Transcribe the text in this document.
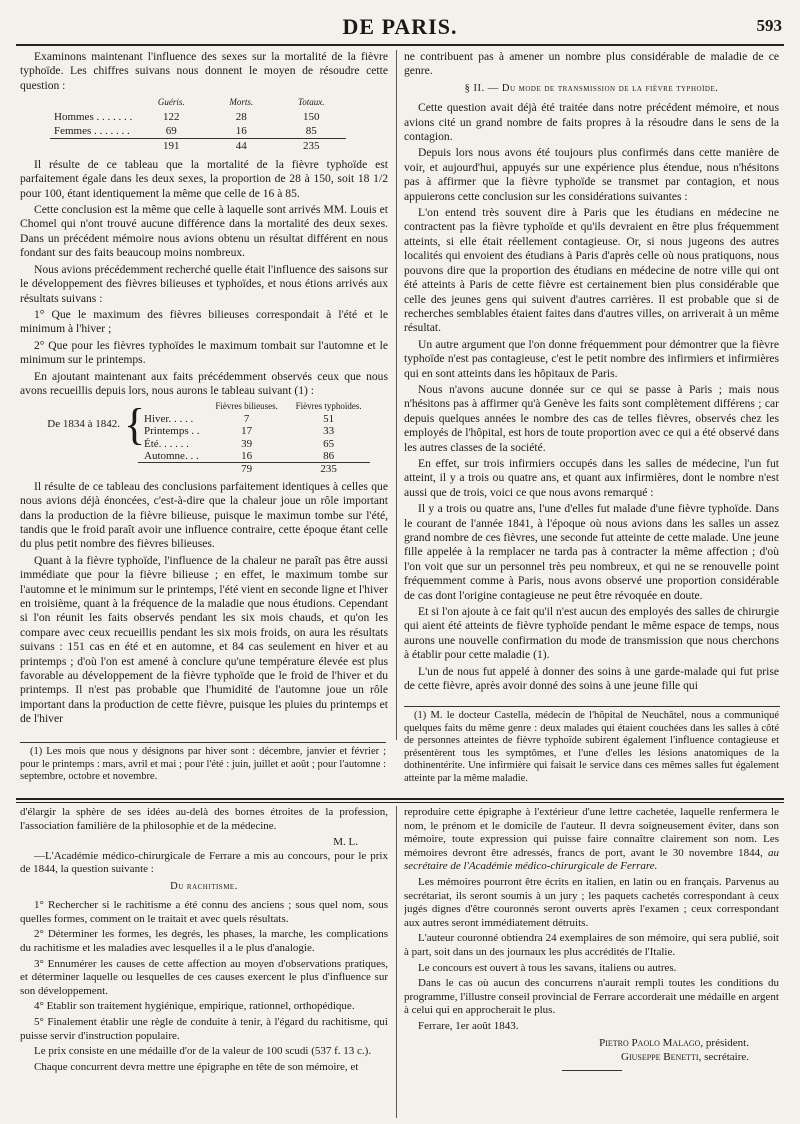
DE PARIS.	593

Examinons maintenant l'influence des sexes sur la mortalité de la fièvre typhoïde. Les chiffres suivans nous donnent le moyen de résoudre cette question :

	Guéris.	Morts.	Totaux.
Hommes . . . . . . .	122	28	150
Femmes . . . . . . .	69	16	85
	191	44	235

Il résulte de ce tableau que la mortalité de la fièvre typhoïde est parfaitement égale dans les deux sexes, la proportion de 28 à 150, soit 18 1/2 pour 100, étant identiquement la même que celle de 16 à 85.

Cette conclusion est la même que celle à laquelle sont arrivés MM. Louis et Chomel qui n'ont trouvé aucune différence dans la mortalité des deux sexes. Dans un précédent mémoire nous avions obtenu un résultat différent en nous fondant sur des faits beaucoup moins nombreux.

Nous avions précédemment recherché quelle était l'influence des saisons sur le développement des fièvres bilieuses et typhoïdes, et nous étions arrivés aux résultats suivans :

1° Que le maximum des fièvres bilieuses correspondait à l'été et le minimum à l'hiver ;

2° Que pour les fièvres typhoïdes le maximum tombait sur l'automne et le minimum sur le printemps.

En ajoutant maintenant aux faits précédemment observés ceux que nous avons recueillis depuis lors, nous aurons le tableau suivant (1) :

De 1834 à 1842. {
		Fièvres bilieuses.	Fièvres typhoïdes.
Hiver. . . . .	7	51
Printemps . .	17	33
Été. . . . . .	39	65
Automne. . .	16	86
	79	235

Il résulte de ce tableau des conclusions parfaitement identiques à celles que nous avions déjà énoncées, c'est-à-dire que la chaleur joue un rôle important dans la production de la fièvre bilieuse, puisque le maximun tombe sur l'été, tandis que le froid paraît avoir une influence contraire, cette époque étant celle du plus petit nombre des fièvres bilieuses.

Quant à la fièvre typhoïde, l'influence de la chaleur ne paraît pas être aussi immédiate que pour la fièvre bilieuse ; en effet, le maximum tombe sur l'automne et le minimum sur le printemps, l'été vient en seconde ligne et l'hiver en troisième, quant à la fréquence de la maladie que nous étudions. Cependant si l'on réunit les faits observés pendant les six mois chauds, et qu'on les compare avec ceux recueillis pendant les six mois froids, on aura les résultats suivans : 151 cas en été et en automne, et 84 cas seulement en hiver et au printemps ; d'où l'on est amené à conclure qu'une température élevée est plus favorable au développement de la fièvre typhoïde que le froid de l'hiver et du printemps. Il n'est pas probable que l'humidité de l'automne joue un rôle important dans la production de cette fièvre, puisque les pluies du printemps et de l'hiver

ne contribuent pas à amener un nombre plus considérable de maladie de ce genre.

§ II. — Du mode de transmission de la fièvre typhoïde.

Cette question avait déjà été traitée dans notre précédent mémoire, et nous avions cité un grand nombre de faits propres à la résoudre dans le sens de la contagion.

Depuis lors nous avons été toujours plus confirmés dans cette manière de voir, et aujourd'hui, appuyés sur une expérience plus étendue, nous n'hésitons pas à affirmer que la fièvre typhoïde se transmet par contagion, et nous appuierons cette conclusion sur les considérations suivantes :

L'on entend très souvent dire à Paris que les étudians en médecine ne contractent pas la fièvre typhoïde et qu'ils devraient en être plus fréquemment atteints, si elle était réellement contagieuse. Or, si nous jugeons des autres localités qui envoient des étudians à Paris d'après celle où nous pratiquons, nous pouvons dire que la proportion des étudians en médecine de notre ville qui ont été atteints à Paris de cette fièvre est certainement bien plus considérable que celle des jeunes gens qui suivent d'autres carrières. Il est probable que si de recherches semblables étaient faites dans d'autres villes, on arriverait à un même résultat.

Un autre argument que l'on donne fréquemment pour démontrer que la fièvre typhoïde n'est pas contagieuse, c'est le petit nombre des infirmiers et infirmières qui en sont atteints dans les hôpitaux de Paris.

Nous n'avons aucune donnée sur ce qui se passe à Paris ; mais nous n'hésitons pas à affirmer qu'à Genève les faits sont complètement différens ; car depuis quelques années le nombre des cas de telles fièvres, observés chez les employés de l'hôpital, est hors de toute proportion avec ce qui a été observé dans les autres classes de la société.

En effet, sur trois infirmiers occupés dans les salles de médecine, l'un fut atteint, il y a trois ou quatre ans, et quant aux infirmières, dont le nombre n'est aussi que de trois, voici ce que nous avons remarqué :

Il y a trois ou quatre ans, l'une d'elles fut malade d'une fièvre typhoïde. Dans le courant de l'année 1841, à l'époque où nous avions dans les salles un assez grand nombre de ces fièvres, une seconde fut atteinte de cette malade. Une jeune fille appelée à la remplacer ne tarda pas à contracter la même affection ; d'où l'on voit que sur un personnel très peu nombreux, et qui ne se renouvelle point fréquemment comme à Paris, nous avons observé une proportion considérable de cas dont l'origine contagieuse ne peut être révoquée en doute.

Et si l'on ajoute à ce fait qu'il n'est aucun des employés des salles de chirurgie qui aient été atteints de fièvre typhoïde pendant le même espace de temps, nous aurons une nouvelle confirmation du mode de transmission que nous cherchons à établir pour cette maladie (1).

L'un de nous fut appelé à donner des soins à une garde-malade qui fut prise de cette fièvre, après avoir donné des soins à une jeune fille qui

(1) Les mois que nous y désignons par hiver sont : décembre, janvier et février ; pour le printemps : mars, avril et mai ; pour l'été : juin, juillet et août ; pour l'automne : septembre, octobre et novembre.

(1) M. le docteur Castella, médecin de l'hôpital de Neuchâtel, nous a communiqué quelques faits du même genre : deux malades qui étaient couchées dans les salles à côté de personnes atteintes de fièvre typhoïde subirent également l'influence contagieuse et présentèrent tous les symptômes, et l'une d'elles les lésions anatomiques de la dothinentérite. Une infirmière qui faisait le service dans ces mêmes salles fut également atteinte par la même maladie.

d'élargir la sphère de ses idées au-delà des bornes étroites de la profession, l'association familière de la philosophie et de la médecine.

M. L.

—L'Académie médico-chirurgicale de Ferrare a mis au concours, pour le prix de 1844, la question suivante :

Du rachitisme.

1° Rechercher si le rachitisme a été connu des anciens ; sous quel nom, sous quelles formes, comment on le traitait et avec quels résultats.

2° Déterminer les formes, les degrés, les phases, la marche, les complications du rachitisme et les maladies avec lesquelles il a le plus d'analogie.

3° Ennumérer les causes de cette affection au moyen d'observations pratiques, et déterminer laquelle ou lesquelles de ces causes exercent le plus d'influence sur son développement.

4° Etablir son traitement hygiénique, empirique, rationnel, orthopédique.

5° Finalement établir une règle de conduite à tenir, à l'égard du rachitisme, qui puisse servir d'instruction populaire.

Le prix consiste en une médaille d'or de la valeur de 100 scudi (537 f. 13 c.).

Chaque concurrent devra mettre une épigraphe en tête de son mémoire, et

reproduire cette épigraphe à l'extérieur d'une lettre cachetée, laquelle renfermera le nom, le prénom et le domicile de l'auteur. Il devra soigneusement éviter, dans son mémoire, toute expression qui puisse faire connaître clairement son nom. Les mémoires devront être adressés, francs de port, avant le 30 novembre 1844, au secrétaire de l'Académie médico-chirurgicale de Ferrare.

Les mémoires pourront être écrits en italien, en latin ou en français. Parvenus au secrétariat, ils seront soumis à un jury ; les paquets cachetés correspondant à ceux jugés dignes d'être couronnés seront ouverts après l'examen ; ceux correspondant aux autres seront immédiatement détruits.

L'auteur couronné obtiendra 24 exemplaires de son mémoire, qui sera publié, soit à part, soit dans un des journaux les plus accrédités de l'Italie.

Le concours est ouvert à tous les savans, italiens ou autres.

Dans le cas où aucun des concurrens n'aurait rempli toutes les conditions du programme, l'illustre conseil provincial de Ferrare accorderait une médaille en argent à celui qui en approcherait le plus.

Ferrare, 1er août 1843.

Pietro Paolo Malago, président.
Giuseppe Benetti, secrétaire.
